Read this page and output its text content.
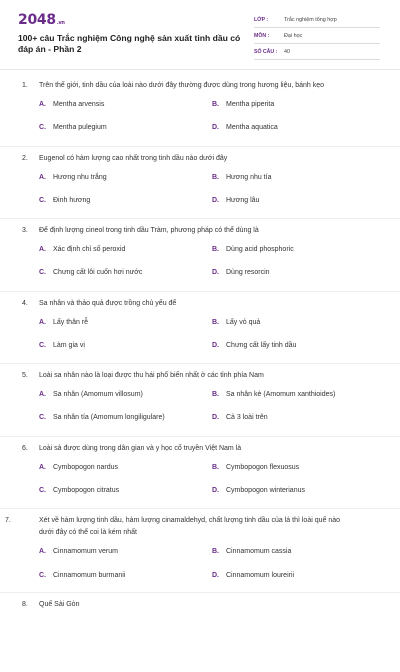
2048.vn
100+ câu Trắc nghiệm Công nghệ sản xuất tinh dầu có đáp án - Phần 2
LỚP :	Trắc nghiệm tổng hợp
MÔN :	Đại học
SỐ CÂU :	40
1. Trên thế giới, tinh dầu của loài nào dưới đây thường được dùng trong hương liệu, bánh kẹo
A. Mentha arvensis	B. Mentha piperita
C. Mentha pulegium	D. Mentha aquatica
2. Eugenol có hàm lượng cao nhất trong tinh dầu nào dưới đây
A. Hương nhu trắng	B. Hương nhu tía
C. Đinh hương	D. Hương lâu
3. Để định lượng cineol trong tinh dầu Tràm, phương pháp có thể dùng là
A. Xác định chỉ số peroxid	B. Dùng acid phosphoric
C. Chưng cất lôi cuốn hơi nước	D. Dùng resorcin
4. Sa nhân và thảo quả được trồng chủ yếu để
A. Lấy thân rễ	B. Lấy vỏ quả
C. Làm gia vị	D. Chưng cất lấy tinh dầu
5. Loài sa nhân nào là loại được thu hái phổ biến nhất ở các tỉnh phía Nam
A. Sa nhân (Amomum villosum)	B. Sa nhân kè (Amomum xanthioides)
C. Sa nhân tía (Amomum longiligulare)	D. Cả 3 loài trên
6. Loài sả được dùng trong dân gian và y học cổ truyền Việt Nam là
A. Cymbopogon nardus	B. Cymbopogon flexuosus
C. Cymbopogon citratus	D. Cymbopogon winterianus
7.	Xét về hàm lượng tinh dầu, hàm lượng cinamaldehyd, chất lượng tinh dầu của lá thì loài quế nào
dưới đây có thể coi là kém nhất
A. Cinnamomum verum	B. Cinnamomum cassia
C. Cinnamomum burmanii	D. Cinnamomum loureirii
8. Quế Sài Gòn
